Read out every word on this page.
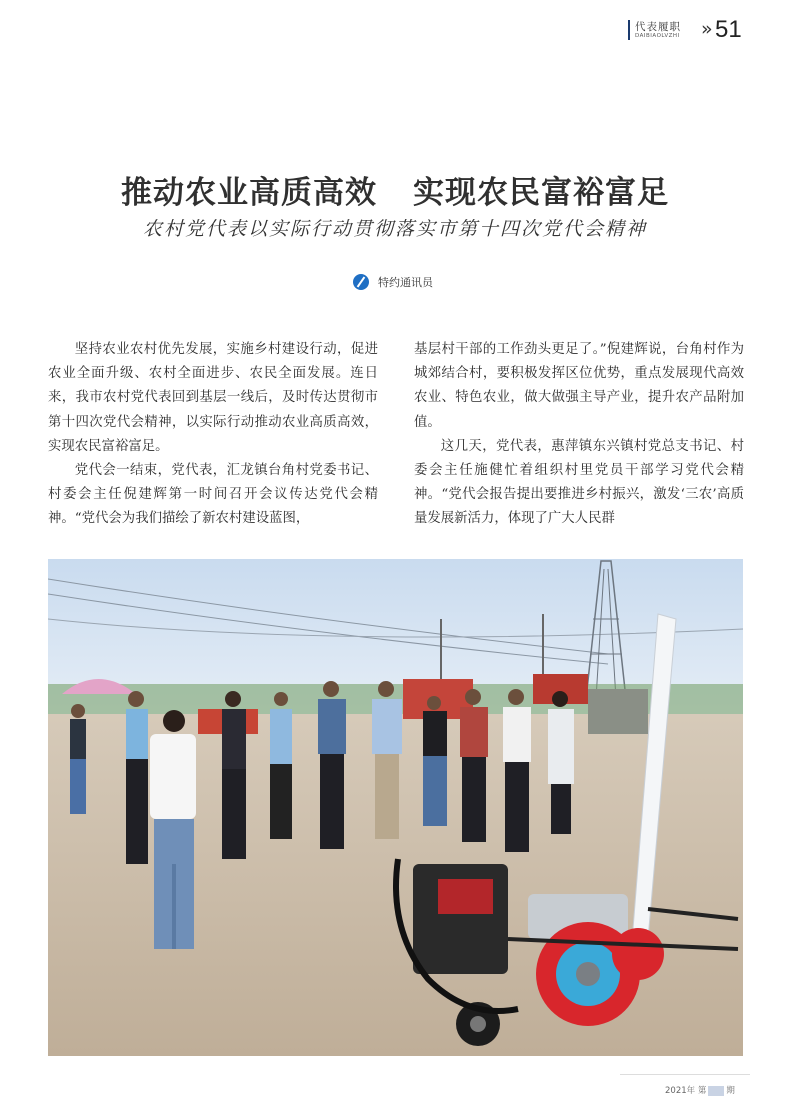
代表履职
DAIBIAOLVZHI » 51
推动农业高质高效 实现农民富裕富足
农村党代表以实际行动贯彻落实市第十四次党代会精神
特约通讯员

坚持农业农村优先发展，实施乡村建设行动，促进农业全面升级、农村全面进步、农民全面发展。连日来，我市农村党代表回到基层一线后，及时传达贯彻市第十四次党代会精神，以实际行动推动农业高质高效，实现农民富裕富足。

党代会一结束，党代表，汇龙镇台角村党委书记、村委会主任倪建辉第一时间召开会议传达党代会精神。“党代会为我们描绘了新农村建设蓝图，

基层村干部的工作劲头更足了。”倪建辉说，台角村作为城郊结合村，要积极发挥区位优势，重点发展现代高效农业、特色农业，做大做强主导产业，提升农产品附加值。

这几天，党代表，惠萍镇东兴镇村党总支书记、村委会主任施健忙着组织村里党员干部学习党代会精神。“党代会报告提出要推进乡村振兴，激发‘三农’高质量发展新活力，体现了广大人民群

2021年 第 5 期
